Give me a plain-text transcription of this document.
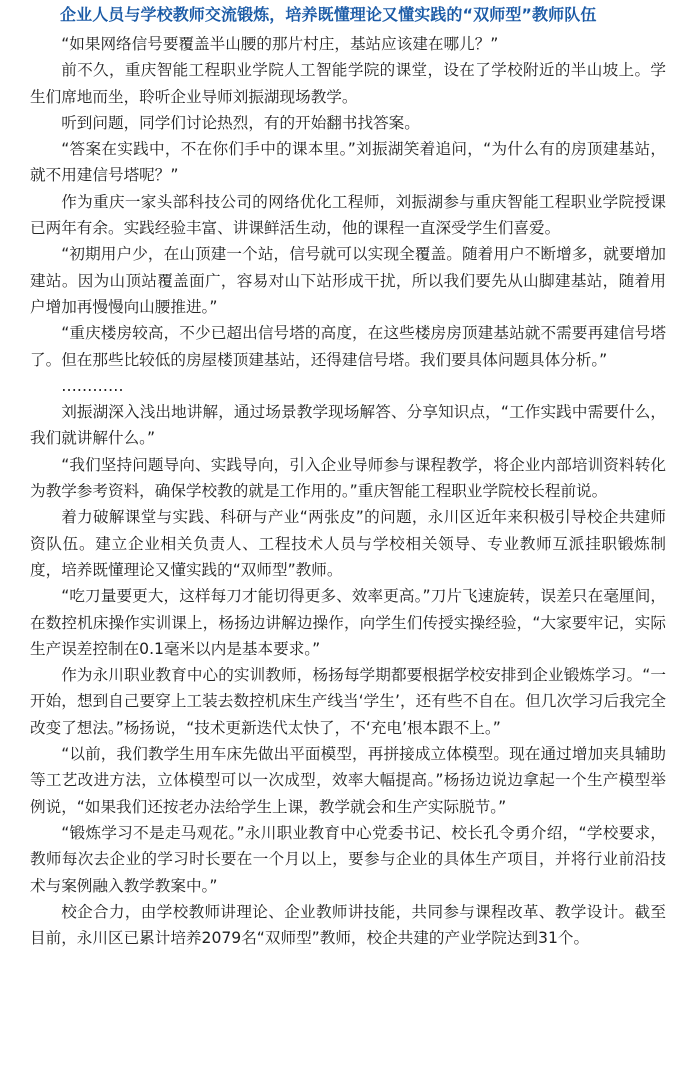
企业人员与学校教师交流锻炼，培养既懂理论又懂实践的“双师型”教师队伍

“如果网络信号要覆盖半山腰的那片村庄，基站应该建在哪儿？”

前不久，重庆智能工程职业学院人工智能学院的课堂，设在了学校附近的半山坡上。学生们席地而坐，聆听企业导师刘振湖现场教学。

听到问题，同学们讨论热烈，有的开始翻书找答案。

“答案在实践中，不在你们手中的课本里。”刘振湖笑着追问，“为什么有的房顶建基站，就不用建信号塔呢？”

作为重庆一家头部科技公司的网络优化工程师，刘振湖参与重庆智能工程职业学院授课已两年有余。实践经验丰富、讲课鲜活生动，他的课程一直深受学生们喜爱。

“初期用户少，在山顶建一个站，信号就可以实现全覆盖。随着用户不断增多，就要增加建站。因为山顶站覆盖面广，容易对山下站形成干扰，所以我们要先从山脚建基站，随着用户增加再慢慢向山腰推进。”

“重庆楼房较高，不少已超出信号塔的高度，在这些楼房房顶建基站就不需要再建信号塔了。但在那些比较低的房屋楼顶建基站，还得建信号塔。我们要具体问题具体分析。”

…………

刘振湖深入浅出地讲解，通过场景教学现场解答、分享知识点，“工作实践中需要什么，我们就讲解什么。”

“我们坚持问题导向、实践导向，引入企业导师参与课程教学，将企业内部培训资料转化为教学参考资料，确保学校教的就是工作用的。”重庆智能工程职业学院校长程前说。

着力破解课堂与实践、科研与产业“两张皮”的问题，永川区近年来积极引导校企共建师资队伍。建立企业相关负责人、工程技术人员与学校相关领导、专业教师互派挂职锻炼制度，培养既懂理论又懂实践的“双师型”教师。

“吃刀量要更大，这样每刀才能切得更多、效率更高。”刀片飞速旋转，误差只在毫厘间，在数控机床操作实训课上，杨扬边讲解边操作，向学生们传授实操经验，“大家要牢记，实际生产误差控制在0.1毫米以内是基本要求。”

作为永川职业教育中心的实训教师，杨扬每学期都要根据学校安排到企业锻炼学习。“一开始，想到自己要穿上工装去数控机床生产线当‘学生’，还有些不自在。但几次学习后我完全改变了想法。”杨扬说，“技术更新迭代太快了，不‘充电’根本跟不上。”

“以前，我们教学生用车床先做出平面模型，再拼接成立体模型。现在通过增加夹具辅助等工艺改进方法，立体模型可以一次成型，效率大幅提高。”杨扬边说边拿起一个生产模型举例说，“如果我们还按老办法给学生上课，教学就会和生产实际脱节。”

“锻炼学习不是走马观花。”永川职业教育中心党委书记、校长孔令勇介绍，“学校要求，教师每次去企业的学习时长要在一个月以上，要参与企业的具体生产项目，并将行业前沿技术与案例融入教学教案中。”

校企合力，由学校教师讲理论、企业教师讲技能，共同参与课程改革、教学设计。截至目前，永川区已累计培养2079名“双师型”教师，校企共建的产业学院达到31个。
